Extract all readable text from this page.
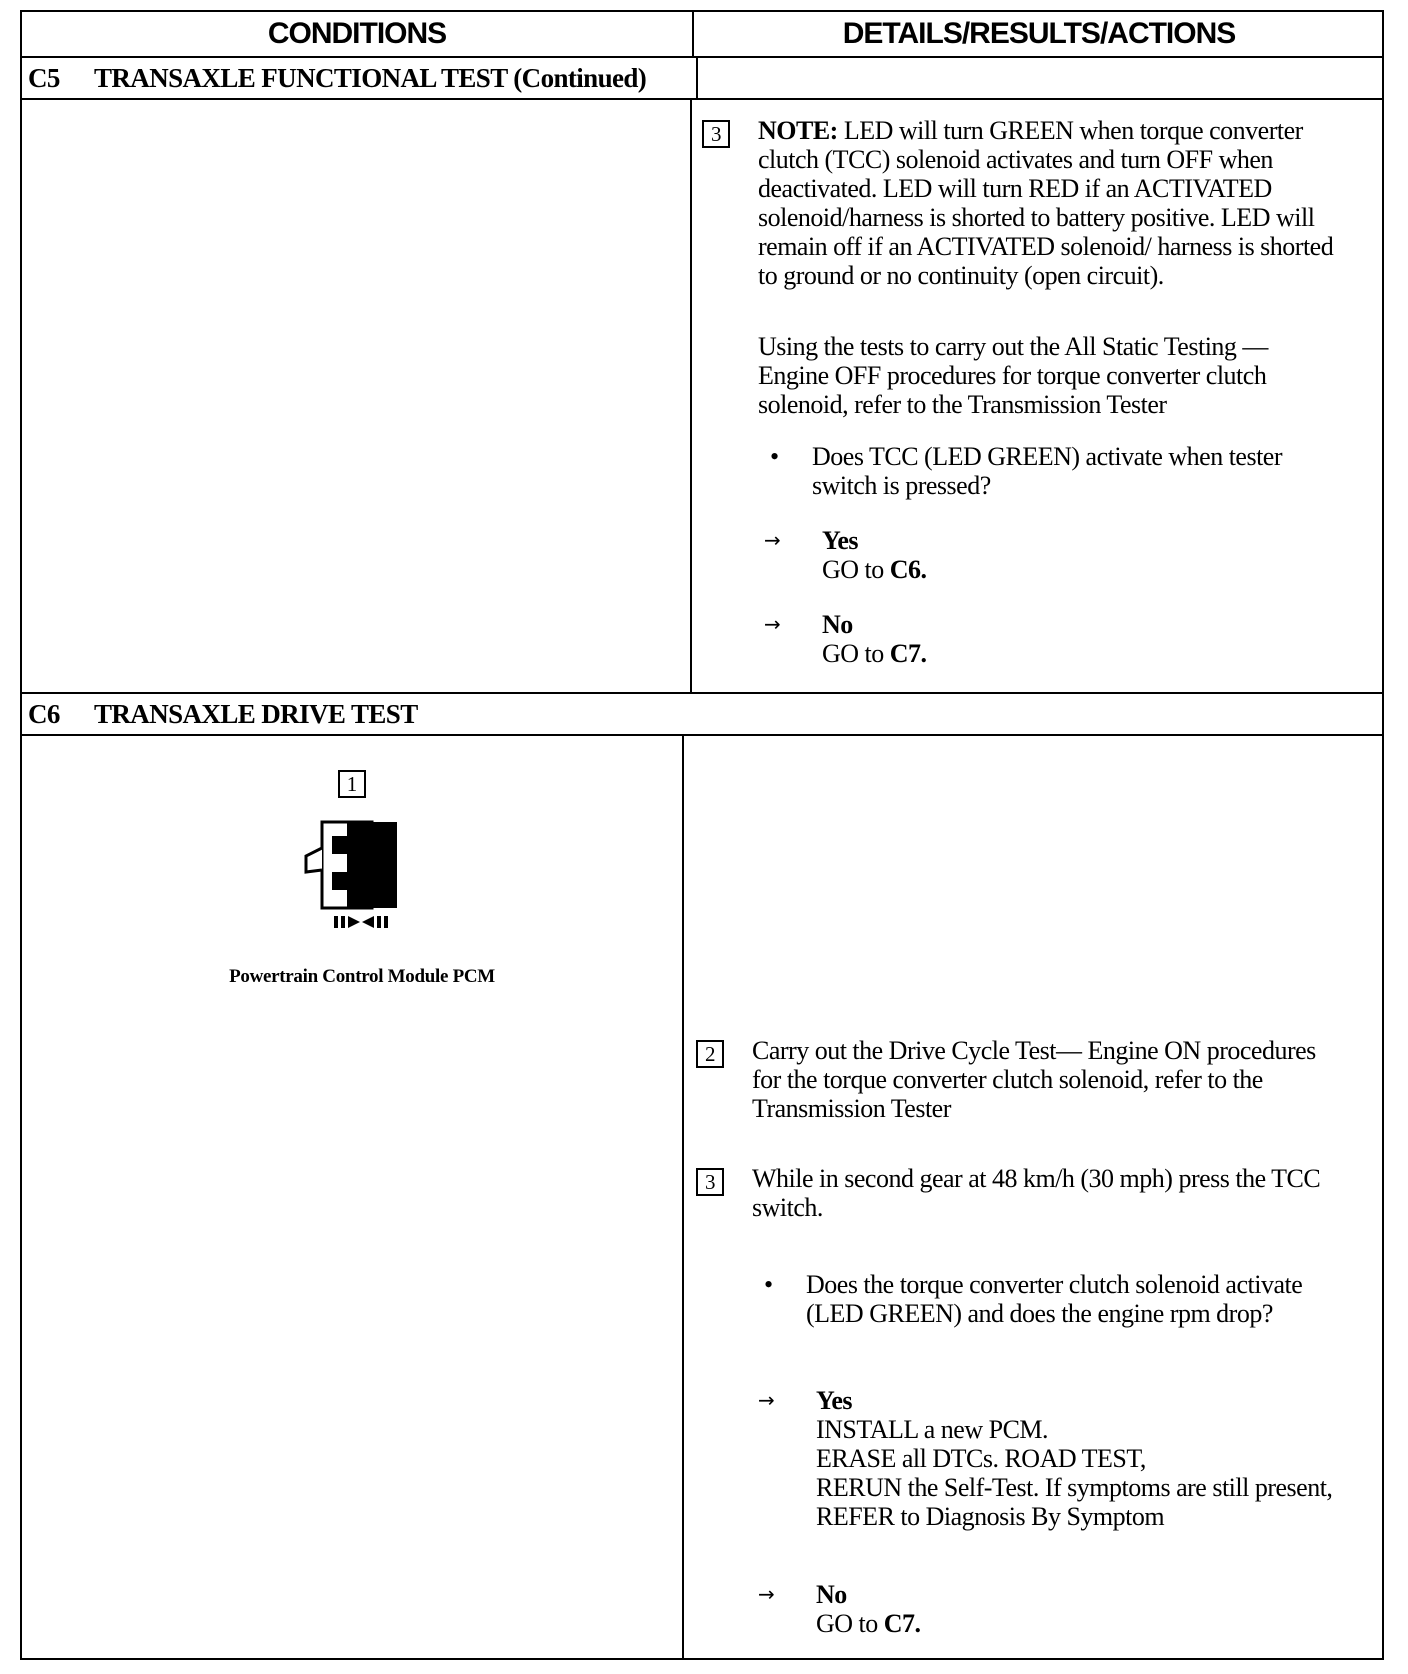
CONDITIONS	DETAILS/RESULTS/ACTIONS
C5	TRANSAXLE FUNCTIONAL TEST (Continued)
3	NOTE: LED will turn GREEN when torque converter clutch (TCC) solenoid activates and turn OFF when deactivated. LED will turn RED if an ACTIVATED solenoid/harness is shorted to battery positive. LED will remain off if an ACTIVATED solenoid/ harness is shorted to ground or no continuity (open circuit).
Using the tests to carry out the All Static Testing — Engine OFF procedures for torque converter clutch solenoid, refer to the Transmission Tester
• Does TCC (LED GREEN) activate when tester switch is pressed?
→ Yes
GO to C6.
→ No
GO to C7.
C6	TRANSAXLE DRIVE TEST
1
Powertrain Control Module PCM
2	Carry out the Drive Cycle Test— Engine ON procedures for the torque converter clutch solenoid, refer to the Transmission Tester
3	While in second gear at 48 km/h (30 mph) press the TCC switch.
• Does the torque converter clutch solenoid activate (LED GREEN) and does the engine rpm drop?
→ Yes
INSTALL a new PCM.
ERASE all DTCs. ROAD TEST,
RERUN the Self-Test. If symptoms are still present, REFER to Diagnosis By Symptom
→ No
GO to C7.
